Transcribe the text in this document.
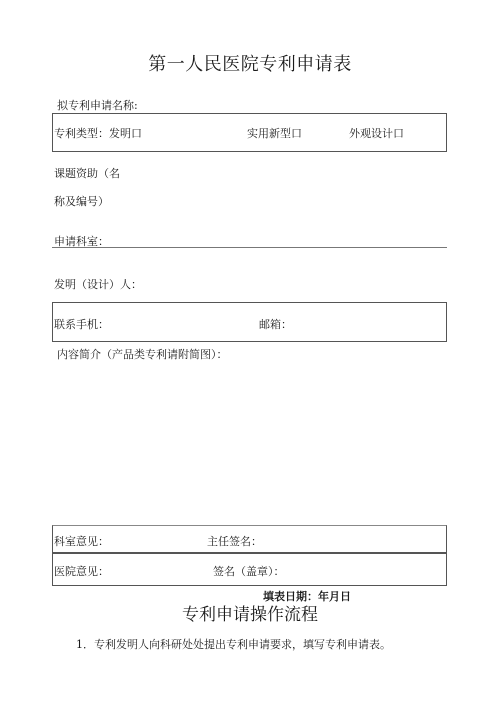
第一人民医院专利申请表
拟专利申请名称:
专利类型：发明口	实用新型口	外观设计口
课题资助（名
称及编号）
申请科室：
发明（设计）人：
联系手机：	邮箱：
内容简介（产品类专利请附简图）：
科室意见：	主任签名：
医院意见：	签名（盖章）：
填表日期：年月日
专利申请操作流程
1．专利发明人向科研处处提出专利申请要求，填写专利申请表。
